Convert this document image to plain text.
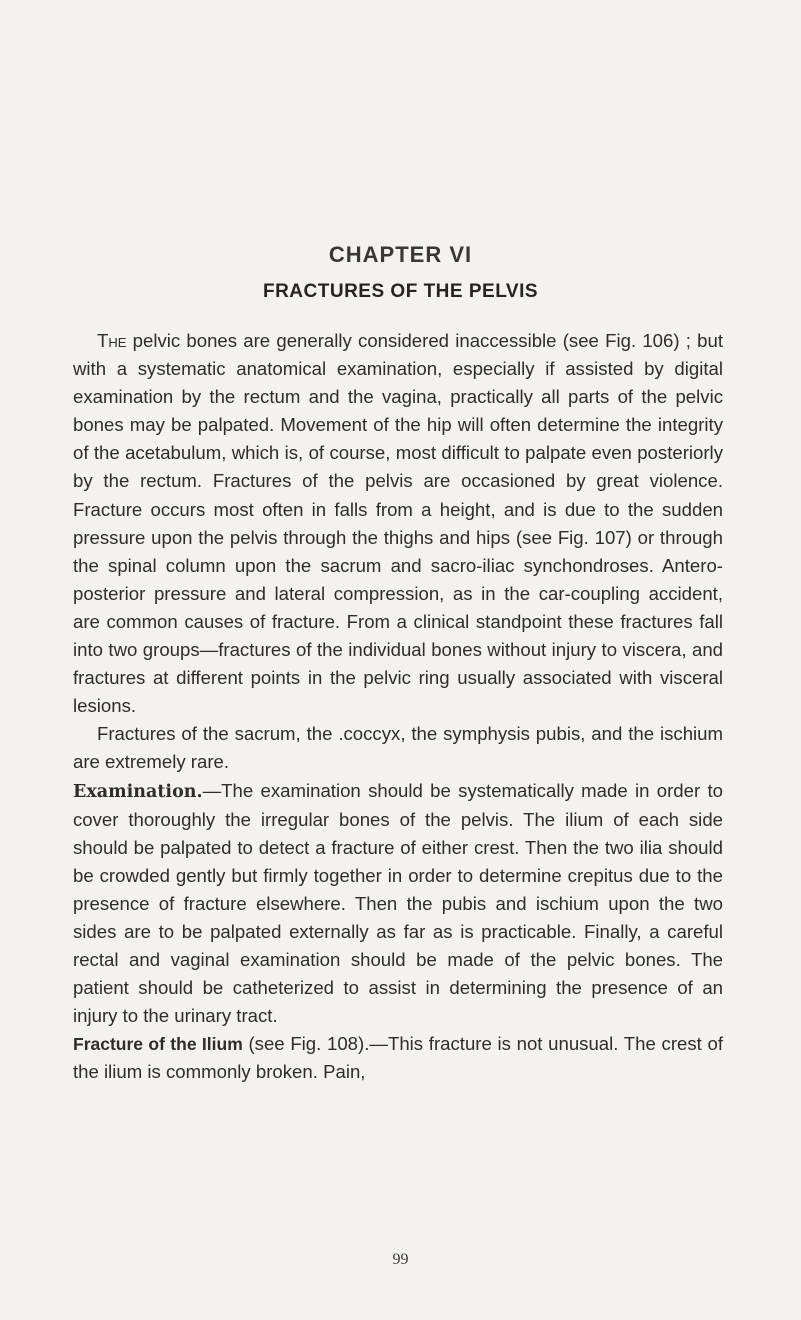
CHAPTER VI
FRACTURES OF THE PELVIS

The pelvic bones are generally considered inaccessible (see Fig. 106) ; but with a systematic anatomical examination, especially if assisted by digital examination by the rectum and the vagina, practically all parts of the pelvic bones may be palpated. Movement of the hip will often determine the integrity of the acetabulum, which is, of course, most difficult to palpate even posteriorly by the rectum. Fractures of the pelvis are occasioned by great violence. Fracture occurs most often in falls from a height, and is due to the sudden pressure upon the pelvis through the thighs and hips (see Fig. 107) or through the spinal column upon the sacrum and sacro-iliac synchondroses. Anteroposterior pressure and lateral compression, as in the car-coupling accident, are common causes of fracture. From a clinical standpoint these fractures fall into two groups—fractures of the individual bones without injury to viscera, and fractures at different points in the pelvic ring usually associated with visceral lesions.

Fractures of the sacrum, the .coccyx, the symphysis pubis, and the ischium are extremely rare.

Examination.—The examination should be systematically made in order to cover thoroughly the irregular bones of the pelvis. The ilium of each side should be palpated to detect a fracture of either crest. Then the two ilia should be crowded gently but firmly together in order to determine crepitus due to the presence of fracture elsewhere. Then the pubis and ischium upon the two sides are to be palpated externally as far as is practicable. Finally, a careful rectal and vaginal examination should be made of the pelvic bones. The patient should be catheterized to assist in determining the presence of an injury to the urinary tract.

Fracture of the Ilium (see Fig. 108).—This fracture is not unusual. The crest of the ilium is commonly broken. Pain,

99
